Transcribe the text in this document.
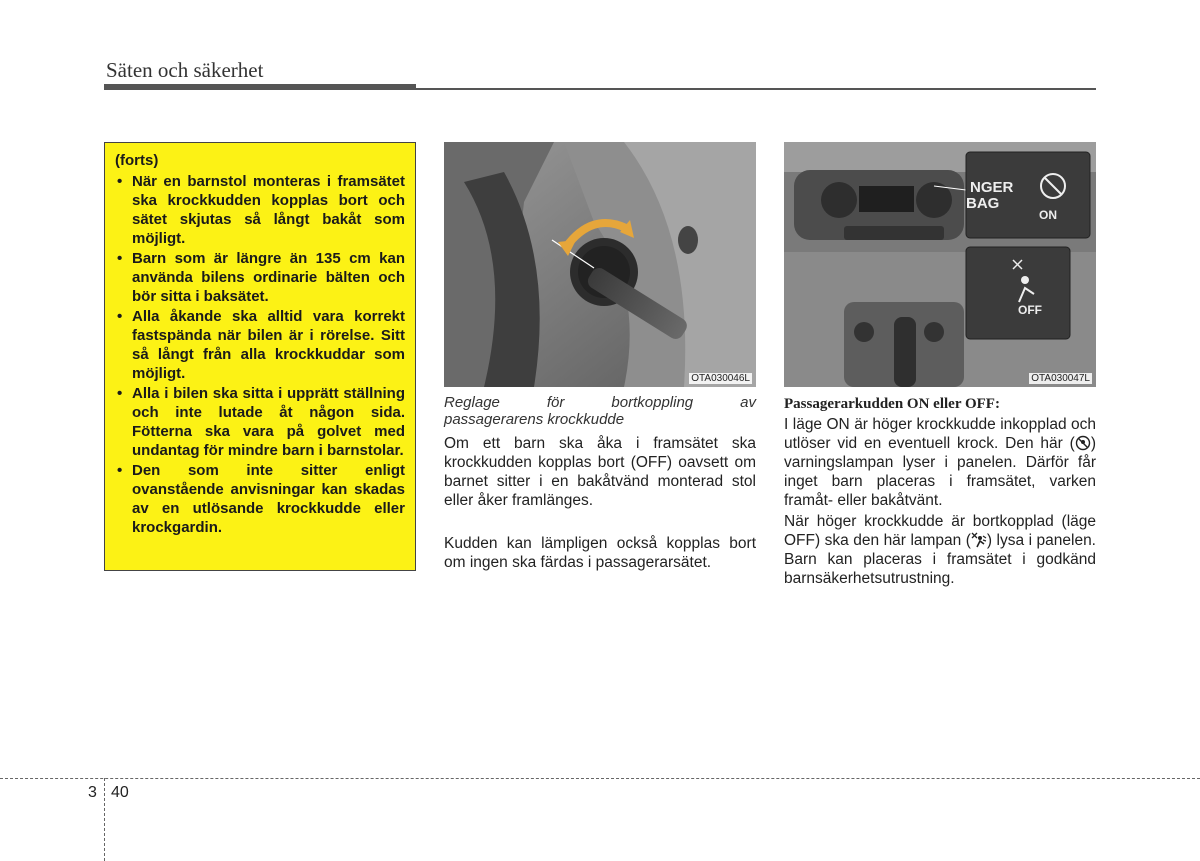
Säten och säkerhet
(forts)
• När en barnstol monteras i framsätet ska krockkudden kopplas bort och sätet skjutas så långt bakåt som möjligt.
• Barn som är längre än 135 cm kan använda bilens ordinarie bälten och bör sitta i baksätet.
• Alla åkande ska alltid vara korrekt fastspända när bilen är i rörelse. Sitt så långt från alla krockkuddar som möjligt.
• Alla i bilen ska sitta i upprätt ställning och inte lutade åt någon sida. Fötterna ska vara på golvet med undantag för mindre barn i barnstolar.
• Den som inte sitter enligt ovanstående anvisningar kan skadas av en utlösande krockkudde eller krockgardin.
OTA030046L
NGER
BAG
ON
OFF
OTA030047L
Reglage för bortkoppling av
passagerarens krockkudde
Om ett barn ska åka i framsätet ska krockkudden kopplas bort (OFF) oavsett om barnet sitter i en bakåtvänd monterad stol eller åker framlänges.
Kudden kan lämpligen också kopplas bort om ingen ska färdas i passagerarsätet.
Passagerarkudden ON eller OFF:
I läge ON är höger krockkudde inkopplad och utlöser vid en eventuell krock. Den här ( ) varningslampan lyser i panelen. Därför får inget barn placeras i framsätet, varken framåt- eller bakåtvänt.
När höger krockkudde är bortkopplad (läge OFF) ska den här lampan ( ) lysa i panelen. Barn kan placeras i framsätet i godkänd barnsäkerhetsutrustning.
3 40
